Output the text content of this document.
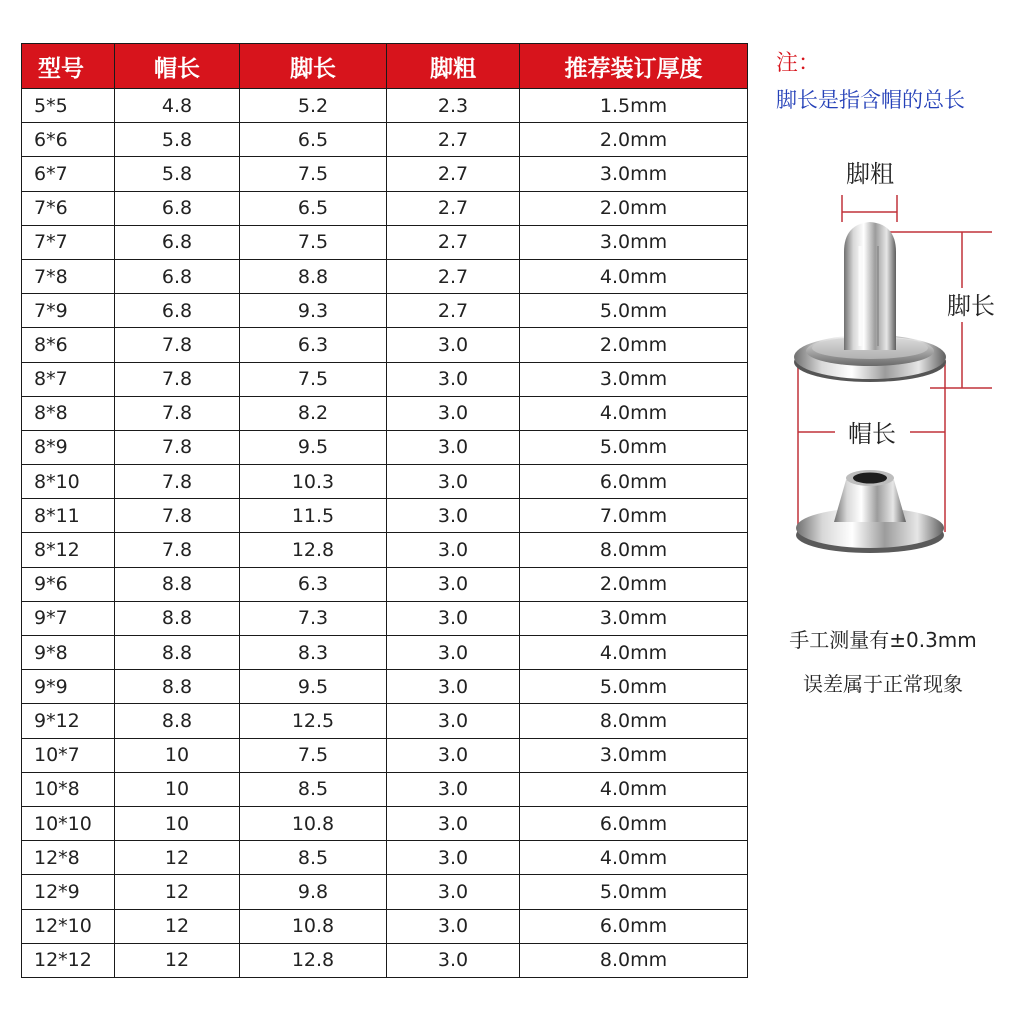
型号	帽长	脚长	脚粗	推荐装订厚度
5*5	4.8	5.2	2.3	1.5mm
6*6	5.8	6.5	2.7	2.0mm
6*7	5.8	7.5	2.7	3.0mm
7*6	6.8	6.5	2.7	2.0mm
7*7	6.8	7.5	2.7	3.0mm
7*8	6.8	8.8	2.7	4.0mm
7*9	6.8	9.3	2.7	5.0mm
8*6	7.8	6.3	3.0	2.0mm
8*7	7.8	7.5	3.0	3.0mm
8*8	7.8	8.2	3.0	4.0mm
8*9	7.8	9.5	3.0	5.0mm
8*10	7.8	10.3	3.0	6.0mm
8*11	7.8	11.5	3.0	7.0mm
8*12	7.8	12.8	3.0	8.0mm
9*6	8.8	6.3	3.0	2.0mm
9*7	8.8	7.3	3.0	3.0mm
9*8	8.8	8.3	3.0	4.0mm
9*9	8.8	9.5	3.0	5.0mm
9*12	8.8	12.5	3.0	8.0mm
10*7	10	7.5	3.0	3.0mm
10*8	10	8.5	3.0	4.0mm
10*10	10	10.8	3.0	6.0mm
12*8	12	8.5	3.0	4.0mm
12*9	12	9.8	3.0	5.0mm
12*10	12	10.8	3.0	6.0mm
12*12	12	12.8	3.0	8.0mm
注：
脚长是指含帽的总长
脚粗
脚长
帽长
手工测量有±0.3mm
误差属于正常现象
